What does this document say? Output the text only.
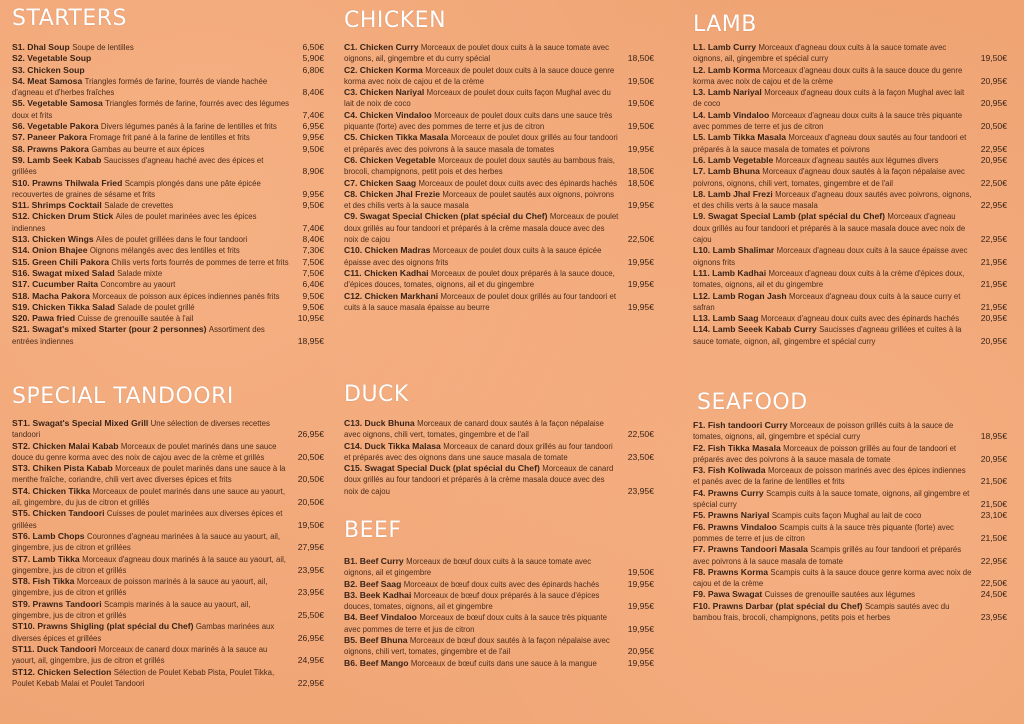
STARTERS
S1. Dhal Soup Soupe de lentilles	6,50€
S2. Vegetable Soup	5,90€
S3. Chicken Soup	6,80€
S4. Meat Samosa Triangles formés de farine, fourrés de viande hachée d'agneau et d'herbes fraîches	8,40€
S5. Vegetable Samosa Triangles formés de farine, fourrés avec des légumes doux et frits	7,40€
S6. Vegetable Pakora Divers légumes panés à la farine de lentilles et frits	6,95€
S7. Paneer Pakora Fromage frit pané à la farine de lentilles et frits	9,95€
S8. Prawns Pakora Gambas au beurre et aux épices	9,50€
S9. Lamb Seek Kabab Saucisses d'agneau haché avec des épices et grillées	8,90€
S10. Prawns Thilwala Fried Scampis plongés dans une pâte épicée recouvertes de graines de sésame et frits	9,95€
S11. Shrimps Cocktail Salade de crevettes	9,50€
S12. Chicken Drum Stick Ailes de poulet marinées avec les épices indiennes	7,40€
S13. Chicken Wings Ailes de poulet grillées dans le four tandoori	8,40€
S14. Onion Bhajee Oignons mélangés avec des lentilles et frits	7,30€
S15. Green Chili Pakora Chilis verts forts fourrés de pommes de terre et frits 7,50€
S16. Swagat mixed Salad Salade mixte	7,50€
S17. Cucumber Raita Concombre au yaourt	6,40€
S18. Macha Pakora Morceaux de poisson aux épices indiennes panés frits	9,50€
S19. Chicken Tikka Salad Salade de poulet grillé	9,50€
S20. Pawa fried Cuisse de grenouille sautée à l'ail	10,95€
S21. Swagat's mixed Starter (pour 2 personnes) Assortiment des entrées indiennes	18,95€
SPECIAL TANDOORI
ST1. Swagat's Special Mixed Grill Une sélection de diverses recettes tandoori	26,95€
ST2. Chicken Malai Kabab Morceaux de poulet marinés dans une sauce douce du genre korma avec des noix de cajou avec de la crème et grillés	20,50€
ST3. Chiken Pista Kabab Morceaux de poulet marinés dans une sauce à la menthe fraîche, coriandre, chili vert avec diverses épices et frits	20,50€
ST4. Chicken Tikka Morceaux de poulet marinés dans une sauce au yaourt, ail, gingembre, du jus de citron et grillés	20,50€
ST5. Chicken Tandoori Cuisses de poulet marinées aux diverses épices et grillées	19,50€
ST6. Lamb Chops Couronnes d'agneau marinées à la sauce au yaourt, ail, gingembre, jus de citron et grillées	27,95€
ST7. Lamb Tikka Morceaux d'agneau doux marinés à la sauce au yaourt, ail, gingembre, jus de citron et grillés	23,95€
ST8. Fish Tikka Morceaux de poisson marinés à la sauce au yaourt, ail, gingembre, jus de citron et grillés	23,95€
ST9. Prawns Tandoori Scampis marinés à la sauce au yaourt, ail, gingembre, jus de citron et grillés	25,50€
ST10. Prawns Shigling (plat spécial du Chef) Gambas marinées aux diverses épices et grillées	26,95€
ST11. Duck Tandoori Morceaux de canard doux marinés à la sauce au yaourt, ail, gingembre, jus de citron et grillés	24,95€
ST12. Chicken Selection Sélection de Poulet Kebab Pista, Poulet Tikka, Poulet Kebab Malai et Poulet Tandoori	22,95€
CHICKEN
C1. Chicken Curry Morceaux de poulet doux cuits à la sauce tomate avec oignons, ail, gingembre et du curry spécial	18,50€
C2. Chicken Korma Morceaux de poulet doux cuits à la sauce douce genre korma avec noix de cajou et de la crème	19,50€
C3. Chicken Nariyal Morceaux de poulet doux cuits façon Mughal avec du lait de noix de coco	19,50€
C4. Chicken Vindaloo Morceaux de poulet doux cuits dans une sauce très piquante (forte) avec des pommes de terre et jus de citron	19,50€
C5. Chicken Tikka Masala Morceaux de poulet doux grillés au four tandoori et préparés avec des poivrons à la sauce masala de tomates	19,95€
C6. Chicken Vegetable Morceaux de poulet doux sautés au bambous frais, brocoli, champignons, petit pois et des herbes	18,50€
C7. Chicken Saag Morceaux de poulet doux cuits avec des épinards hachés 18,50€
C8. Chicken Jhal Frezie Morceaux de poulet sautés aux oignons, poivrons et des chilis verts à la sauce masala	19,95€
C9. Swagat Special Chicken (plat spécial du Chef) Morceaux de poulet doux grillés au four tandoori et préparés à la crème masala douce avec des noix de cajou	22,50€
C10. Chicken Madras Morceaux de poulet doux cuits à la sauce épicée épaisse avec des oignons frits	19,95€
C11. Chicken Kadhai Morceaux de poulet doux préparés à la sauce douce, d'épices douces, tomates, oignons, ail et du gingembre	19,95€
C12. Chicken Markhani Morceaux de poulet doux grillés au four tandoori et cuits à la sauce masala épaisse au beurre	19,95€
DUCK
C13. Duck Bhuna Morceaux de canard doux sautés à la façon népalaise avec oignons, chili vert, tomates, gingembre et de l'ail	22,50€
C14. Duck Tikka Malasa Morceaux de canard doux grillés au four tandoori et préparés avec des oignons dans une sauce masala de tomate	23,50€
C15. Swagat Special Duck (plat spécial du Chef) Morceaux de canard doux grillés au four tandoori et préparés à la crème masala douce avec des noix de cajou	23,95€
BEEF
B1. Beef Curry Morceaux de bœuf doux cuits à la sauce tomate avec oignons, ail et gingembre	19,50€
B2. Beef Saag Morceaux de bœuf doux cuits avec des épinards hachés	19,95€
B3. Beek Kadhai Morceaux de bœuf doux préparés à la sauce d'épices douces, tomates, oignons, ail et gingembre	19,95€
B4. Beef Vindaloo Morceaux de bœuf doux cuits à la sauce très piquante avec pommes de terre et jus de citron	19,95€
B5. Beef Bhuna Morceaux de bœuf doux sautés à la façon népalaise avec oignons, chili vert, tomates, gingembre et de l'ail	20,95€
B6. Beef Mango Morceaux de bœuf cuits dans une sauce à la mangue	19,95€
LAMB
L1. Lamb Curry Morceaux d'agneau doux cuits à la sauce tomate avec oignons, ail, gingembre et spécial curry	19,50€
L2. Lamb Korma Morceaux d'agneau doux cuits à la sauce douce du genre korma avec noix de cajou et de la crème	20,95€
L3. Lamb Nariyal Morceaux d'agneau doux cuits à la façon Mughal avec lait de coco	20,95€
L4. Lamb Vindaloo Morceaux d'agneau doux cuits à la sauce très piquante avec pommes de terre et jus de citron	20,50€
L5. Lamb Tikka Masala Morceaux d'agneau doux sautés au four tandoori et préparés à la sauce masala de tomates et poivrons	22,95€
L6. Lamb Vegetable Morceaux d'agneau sautés aux légumes divers	20,95€
L7. Lamb Bhuna Morceaux d'agneau doux sautés à la façon népalaise avec poivrons, oignons, chili vert, tomates, gingembre et de l'ail	22,50€
L8. Lamb Jhal Frezi Morceaux d'agneau doux sautés avec poivrons, oignons, et des chilis verts à la sauce masala	22,95€
L9. Swagat Special Lamb (plat spécial du Chef) Morceaux d'agneau doux grillés au four tandoori et préparés à la sauce masala douce avec noix de cajou	22,95€
L10. Lamb Shalimar Morceaux d'agneau doux cuits à la sauce épaisse avec oignons frits	21,95€
L11. Lamb Kadhai Morceaux d'agneau doux cuits à la crème d'épices doux, tomates, oignons, ail et du gingembre	21,95€
L12. Lamb Rogan Jash Morceaux d'agneau doux cuits à la sauce curry et safran	21,95€
L13. Lamb Saag Morceaux d'agneau doux cuits avec des épinards hachés	20,95€
L14. Lamb Seeek Kabab Curry Saucisses d'agneau grillées et cuites à la sauce tomate, oignon, ail, gingembre et spécial curry	20,95€
SEAFOOD
F1. Fish tandoori Curry Morceaux de poisson grillés cuits à la sauce de tomates, oignons, ail, gingembre et spécial curry	18,95€
F2. Fish Tikka Masala Morceaux de poisson grillés au four de tandoori et préparés avec des poivrons à la sauce masala de tomate	20,95€
F3. Fish Koliwada Morceaux de poisson marinés avec des épices indiennes et panés avec de la farine de lentilles et frits	21,50€
F4. Prawns Curry Scampis cuits à la sauce tomate, oignons, ail gingembre et spécial curry	21,50€
F5. Prawns Nariyal Scampis cuits façon Mughal au lait de coco	23,10€
F6. Prawns Vindaloo Scampis cuits à la sauce très piquante (forte) avec pommes de terre et jus de citron	21,50€
F7. Prawns Tandoori Masala Scampis grillés au four tandoori et préparés avec poivrons à la sauce masala de tomate	22,95€
F8. Prawns Korma Scampis cuits à la sauce douce genre korma avec noix de cajou et de la crème	22,50€
F9. Pawa Swagat Cuisses de grenouille sautées aux légumes	24,50€
F10. Prawns Darbar (plat spécial du Chef) Scampis sautés avec du bambou frais, brocoli, champignons, petits pois et herbes	23,95€
